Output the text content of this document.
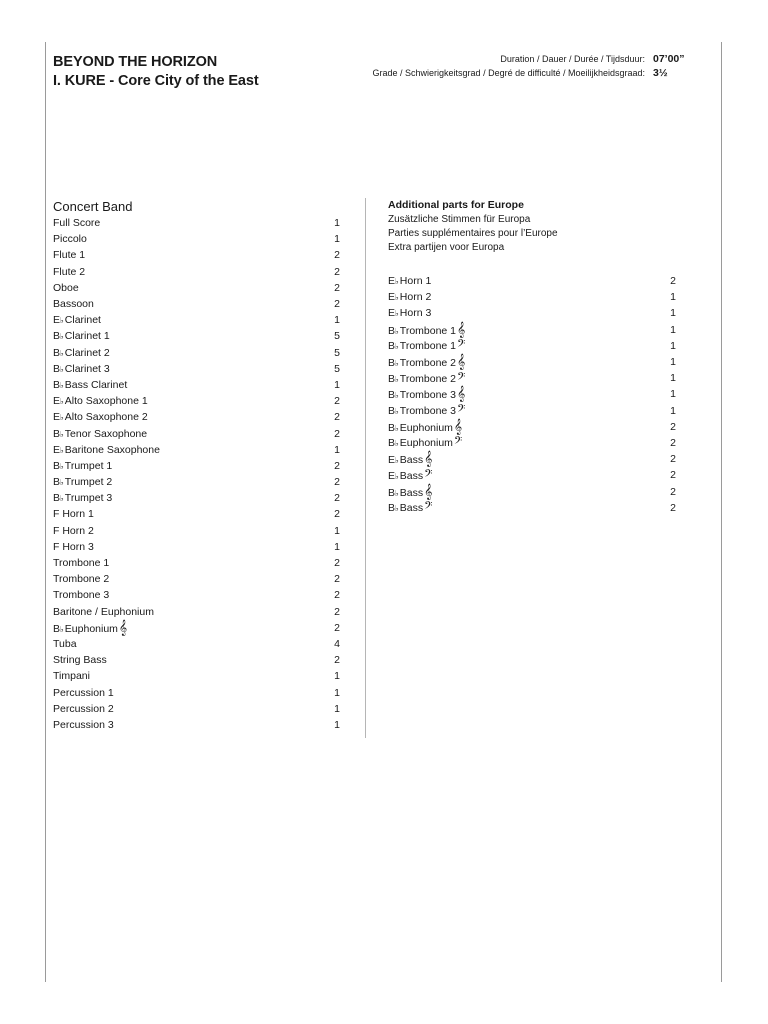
BEYOND THE HORIZON
I. KURE - Core City of the East
Duration / Dauer / Durée / Tijdsduur: 07’00”
Grade / Schwierigkeitsgrad / Degré de difficulté / Moeilijkheidsgraad: 3½
Concert Band
Full Score	1
Piccolo	1
Flute 1	2
Flute 2	2
Oboe	2
Bassoon	2
E♭Clarinet	1
B♭Clarinet 1	5
B♭Clarinet 2	5
B♭Clarinet 3	5
B♭Bass Clarinet	1
E♭Alto Saxophone 1	2
E♭Alto Saxophone 2	2
B♭Tenor Saxophone	2
E♭Baritone Saxophone	1
B♭Trumpet 1	2
B♭Trumpet 2	2
B♭Trumpet 3	2
F Horn 1	2
F Horn 2	1
F Horn 3	1
Trombone 1	2
Trombone 2	2
Trombone 3	2
Baritone / Euphonium	2
B♭Euphonium𝄞	2
Tuba	4
String Bass	2
Timpani	1
Percussion 1	1
Percussion 2	1
Percussion 3	1
Additional parts for Europe
Zusätzliche Stimmen für Europa
Parties supplémentaires pour l’Europe
Extra partijen voor Europa
E♭Horn 1	2
E♭Horn 2	1
E♭Horn 3	1
B♭Trombone 1𝄞	1
B♭Trombone 1𝄢	1
B♭Trombone 2𝄞	1
B♭Trombone 2𝄢	1
B♭Trombone 3𝄞	1
B♭Trombone 3𝄢	1
B♭Euphonium𝄞	2
B♭Euphonium𝄢	2
E♭Bass𝄞	2
E♭Bass𝄢	2
B♭Bass𝄞	2
B♭Bass𝄢	2
